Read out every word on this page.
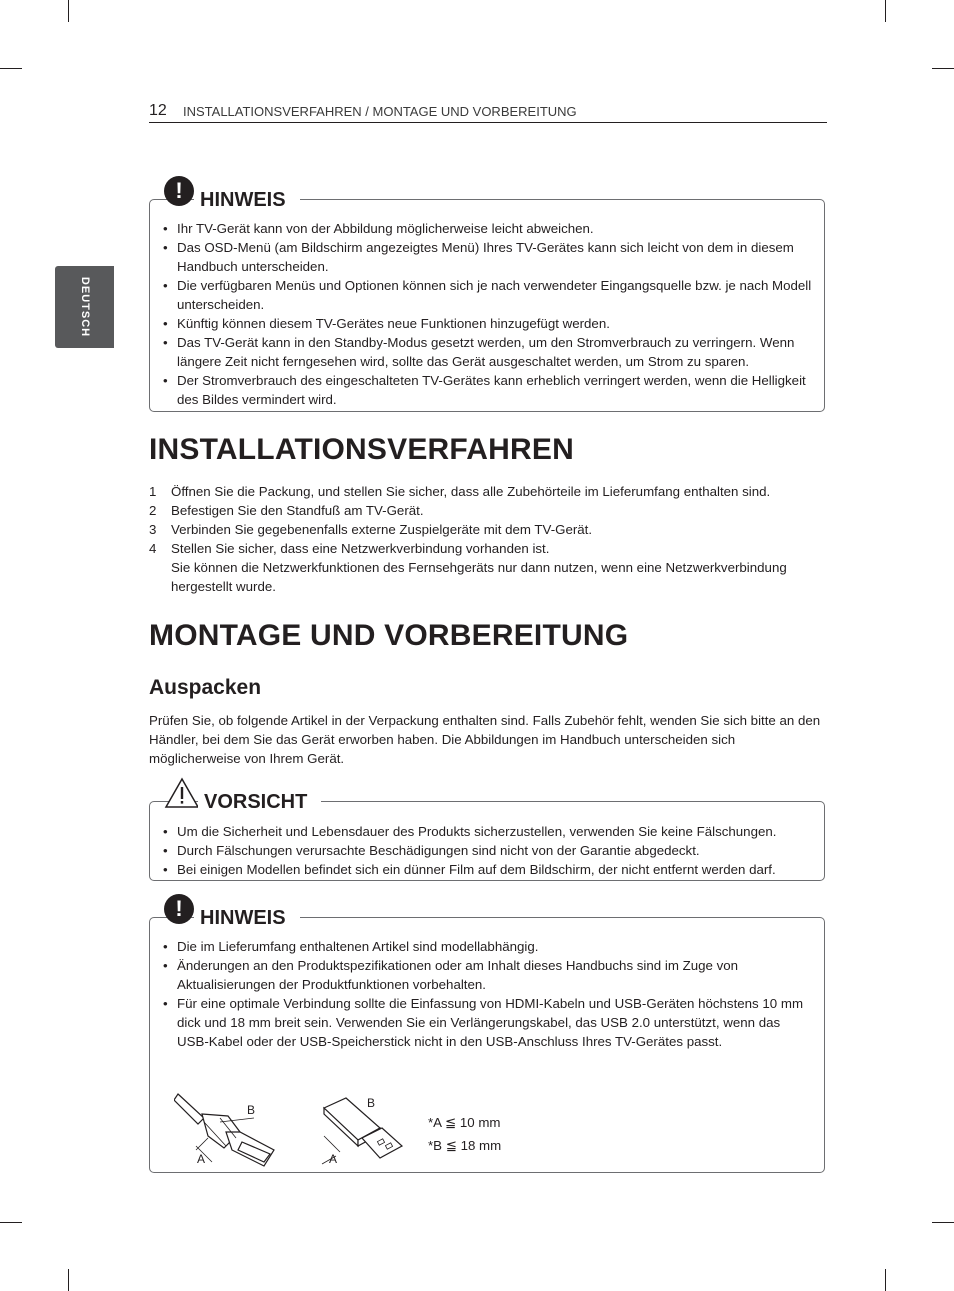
12 INSTALLATIONSVERFAHREN / MONTAGE UND VORBEREITUNG
DEUTSCH
! HINWEIS
• Ihr TV-Gerät kann von der Abbildung möglicherweise leicht abweichen.
• Das OSD-Menü (am Bildschirm angezeigtes Menü) Ihres TV-Gerätes kann sich leicht von dem in diesem Handbuch unterscheiden.
• Die verfügbaren Menüs und Optionen können sich je nach verwendeter Eingangsquelle bzw. je nach Modell unterscheiden.
• Künftig können diesem TV-Gerätes neue Funktionen hinzugefügt werden.
• Das TV-Gerät kann in den Standby-Modus gesetzt werden, um den Stromverbrauch zu verringern. Wenn längere Zeit nicht ferngesehen wird, sollte das Gerät ausgeschaltet werden, um Strom zu sparen.
• Der Stromverbrauch des eingeschalteten TV-Gerätes kann erheblich verringert werden, wenn die Helligkeit des Bildes vermindert wird.
INSTALLATIONSVERFAHREN
1 Öffnen Sie die Packung, und stellen Sie sicher, dass alle Zubehörteile im Lieferumfang enthalten sind.
2 Befestigen Sie den Standfuß am TV-Gerät.
3 Verbinden Sie gegebenenfalls externe Zuspielgeräte mit dem TV-Gerät.
4 Stellen Sie sicher, dass eine Netzwerkverbindung vorhanden ist.
Sie können die Netzwerkfunktionen des Fernsehgeräts nur dann nutzen, wenn eine Netzwerkverbindung hergestellt wurde.
MONTAGE UND VORBEREITUNG
Auspacken

Prüfen Sie, ob folgende Artikel in der Verpackung enthalten sind. Falls Zubehör fehlt, wenden Sie sich bitte an den Händler, bei dem Sie das Gerät erworben haben. Die Abbildungen im Handbuch unterscheiden sich möglicherweise von Ihrem Gerät.

VORSICHT
• Um die Sicherheit und Lebensdauer des Produkts sicherzustellen, verwenden Sie keine Fälschungen.
• Durch Fälschungen verursachte Beschädigungen sind nicht von der Garantie abgedeckt.
• Bei einigen Modellen befindet sich ein dünner Film auf dem Bildschirm, der nicht entfernt werden darf.
! HINWEIS
• Die im Lieferumfang enthaltenen Artikel sind modellabhängig.
• Änderungen an den Produktspezifikationen oder am Inhalt dieses Handbuchs sind im Zuge von Aktualisierungen der Produktfunktionen vorbehalten.
• Für eine optimale Verbindung sollte die Einfassung von HDMI-Kabeln und USB-Geräten höchstens 10 mm dick und 18 mm breit sein. Verwenden Sie ein Verlängerungskabel, das USB 2.0 unterstützt, wenn das USB-Kabel oder der USB-Speicherstick nicht in den USB-Anschluss Ihres TV-Gerätes passt.
A
B
A
B
*A ≦ 10 mm
*B ≦ 18 mm
